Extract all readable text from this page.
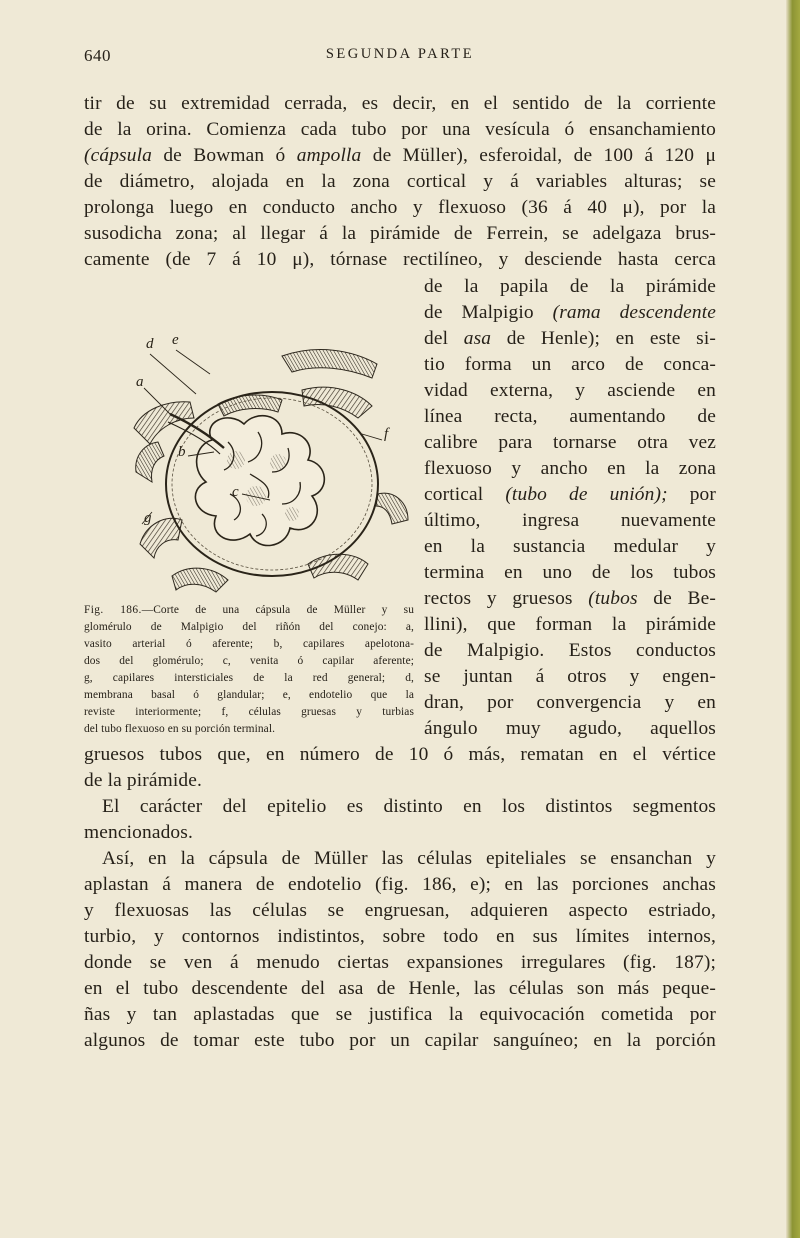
640	SEGUNDA PARTE
tir de su extremidad cerrada, es decir, en el sentido de la corriente
de la orina. Comienza cada tubo por una vesícula ó ensanchamiento
(cápsula de Bowman ó ampolla de Müller), esferoidal, de 100 á 120 μ
de diámetro, alojada en la zona cortical y á variables alturas; se
prolonga luego en conducto ancho y flexuoso (36 á 40 μ), por la
susodicha zona; al llegar á la pirámide de Ferrein, se adelgaza brus-
camente (de 7 á 10 μ), tórnase rectilíneo, y desciende hasta cerca
de la papila de la pirámide
de Malpigio (rama descendente
del asa de Henle); en este si-
tio forma un arco de conca-
vidad externa, y asciende en
línea recta, aumentando de
calibre para tornarse otra vez
flexuoso y ancho en la zona
cortical (tubo de unión); por
último, ingresa nuevamente
en la sustancia medular y
termina en uno de los tubos
rectos y gruesos (tubos de Be-
llini), que forman la pirámide
de Malpigio. Estos conductos
se juntan á otros y engen-
dran, por convergencia y en
ángulo muy agudo, aquellos
d e
a
b
c
f
g
Fig. 186.—Corte de una cápsula de Müller y su
glomérulo de Malpigio del riñón del conejo: a,
vasito arterial ó aferente; b, capilares apelotona-
dos del glomérulo; c, venita ó capilar aferente;
g, capilares intersticiales de la red general; d,
membrana basal ó glandular; e, endotelio que la
reviste interiormente; f, células gruesas y turbias
del tubo flexuoso en su porción terminal.
gruesos tubos que, en número de 10 ó más, rematan en el vértice
de la pirámide.
El carácter del epitelio es distinto en los distintos segmentos
mencionados.
Así, en la cápsula de Müller las células epiteliales se ensanchan y
aplastan á manera de endotelio (fig. 186, e); en las porciones anchas
y flexuosas las células se engruesan, adquieren aspecto estriado,
turbio, y contornos indistintos, sobre todo en sus límites internos,
donde se ven á menudo ciertas expansiones irregulares (fig. 187);
en el tubo descendente del asa de Henle, las células son más peque-
ñas y tan aplastadas que se justifica la equivocación cometida por
algunos de tomar este tubo por un capilar sanguíneo; en la porción
